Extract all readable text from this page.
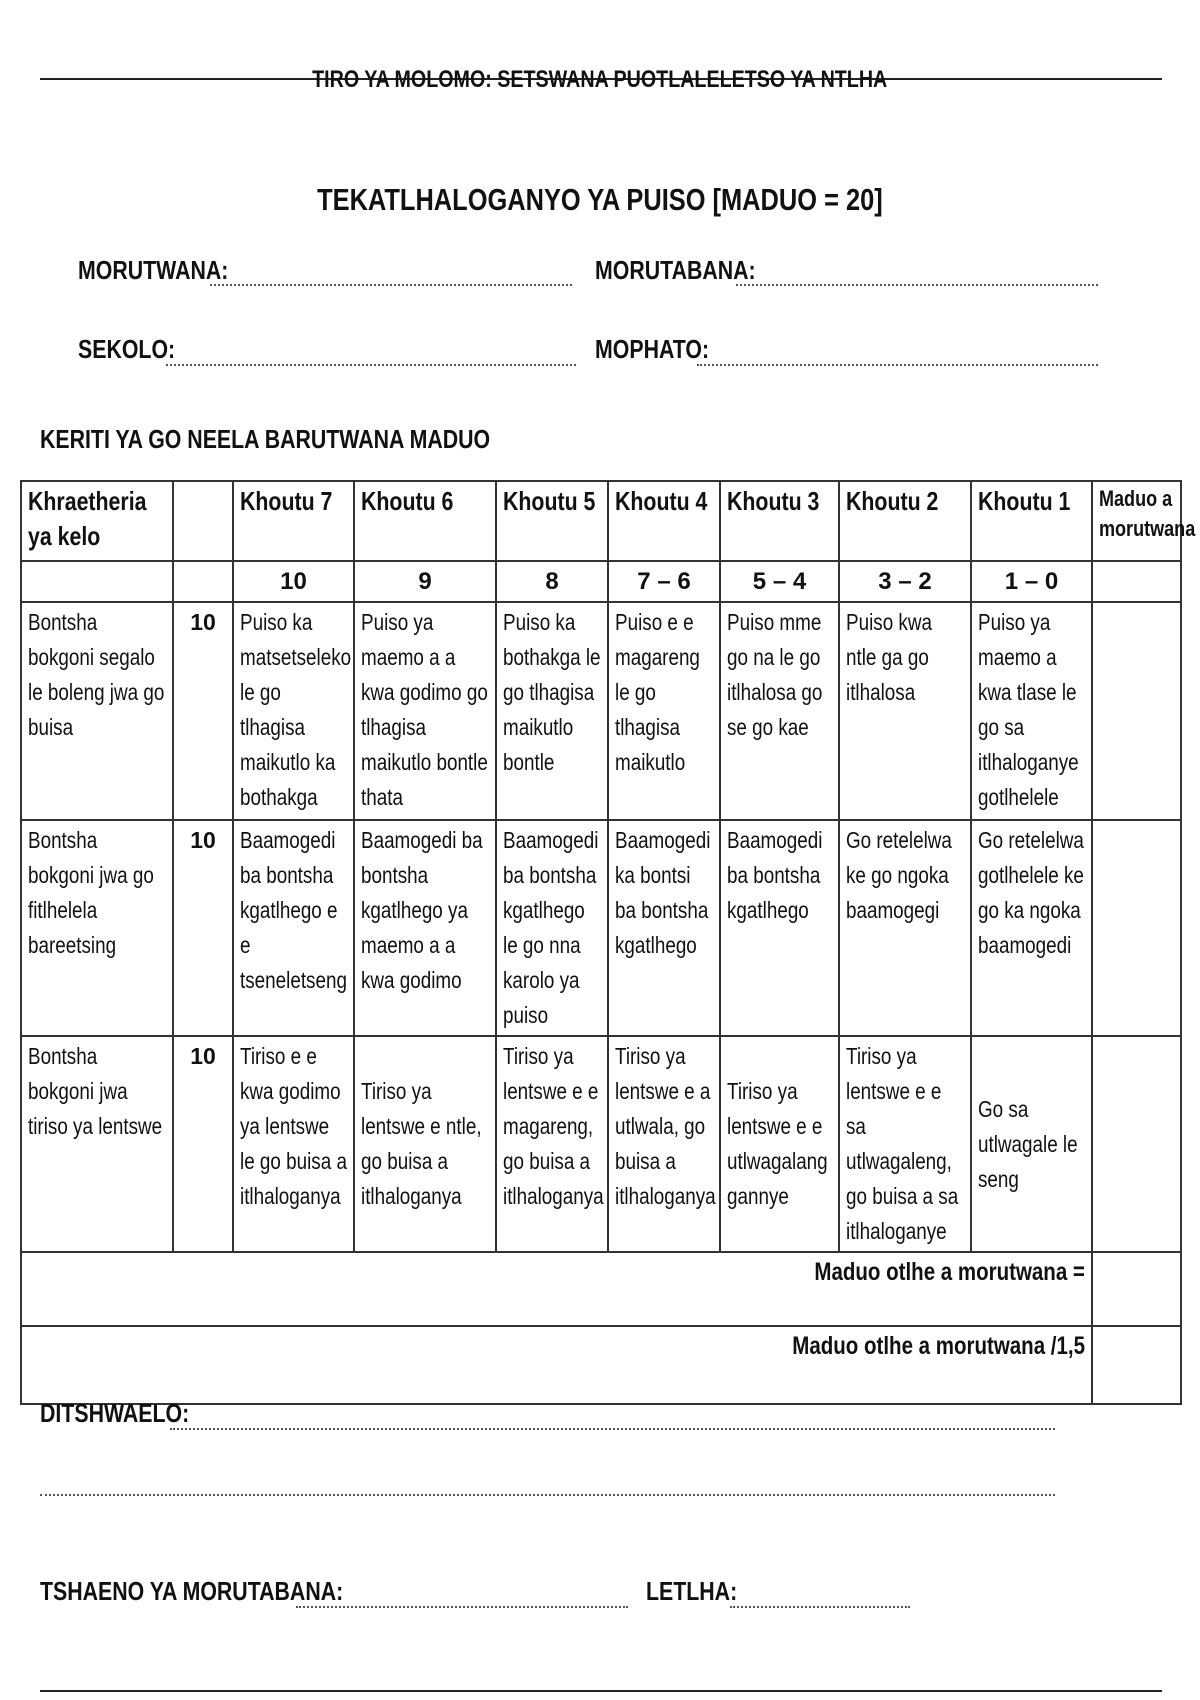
TIRO YA MOLOMO: SETSWANA PUOTLALELETSO YA NTLHA
TEKATLHALOGANYO YA PUISO [MADUO = 20]
MORUTWANA:	MORUTABANA:
SEKOLO:	MOPHATO:
KERITI YA GO NEELA BARUTWANA MADUO
Khraetheria ya kelo		Khoutu 7	Khoutu 6	Khoutu 5	Khoutu 4	Khoutu 3	Khoutu 2	Khoutu 1	Maduo a morutwana

		10	9	8	7 – 6	5 – 4	3 – 2	1 – 0	

Bontsha bokgoni segalo le boleng jwa go buisa	10	Puiso ka matsetseleko le go tlhagisa maikutlo ka bothakga	Puiso ya maemo a a kwa godimo go tlhagisa maikutlo bontle thata	Puiso ka bothakga le go tlhagisa maikutlo bontle	Puiso e e magareng le go tlhagisa maikutlo	Puiso mme go na le go itlhalosa go se go kae	Puiso kwa ntle ga go itlhalosa	Puiso ya maemo a kwa tlase le go sa itlhaloganye gotlhelele	

Bontsha bokgoni jwa go fitlhelela bareetsing	10	Baamogedi ba bontsha kgatlhego e e tseneletseng	Baamogedi ba bontsha kgatlhego ya maemo a a kwa godimo	Baamogedi ba bontsha kgatlhego le go nna karolo ya puiso	Baamogedi ka bontsi ba bontsha kgatlhego	Baamogedi ba bontsha kgatlhego	Go retelelwa ke go ngoka baamogegi	Go retelelwa gotlhelele ke go ka ngoka baamogedi	

Bontsha bokgoni jwa tiriso ya lentswe	10	Tiriso e e kwa godimo ya lentswe le go buisa a itlhaloganya	Tiriso ya lentswe e ntle, go buisa a itlhaloganya	Tiriso ya lentswe e e magareng, go buisa a itlhaloganya	Tiriso ya lentswe e a utlwala, go buisa a itlhaloganya	Tiriso ya lentswe e e utlwagalang gannye	Tiriso ya lentswe e e sa utlwagaleng, go buisa a sa itlhaloganye	Go sa utlwagale le seng	

Maduo otlhe a morutwana =									
Maduo otlhe a morutwana /1,5									
DITSHWAELO:
TSHAENO YA MORUTABANA:	LETLHA:
